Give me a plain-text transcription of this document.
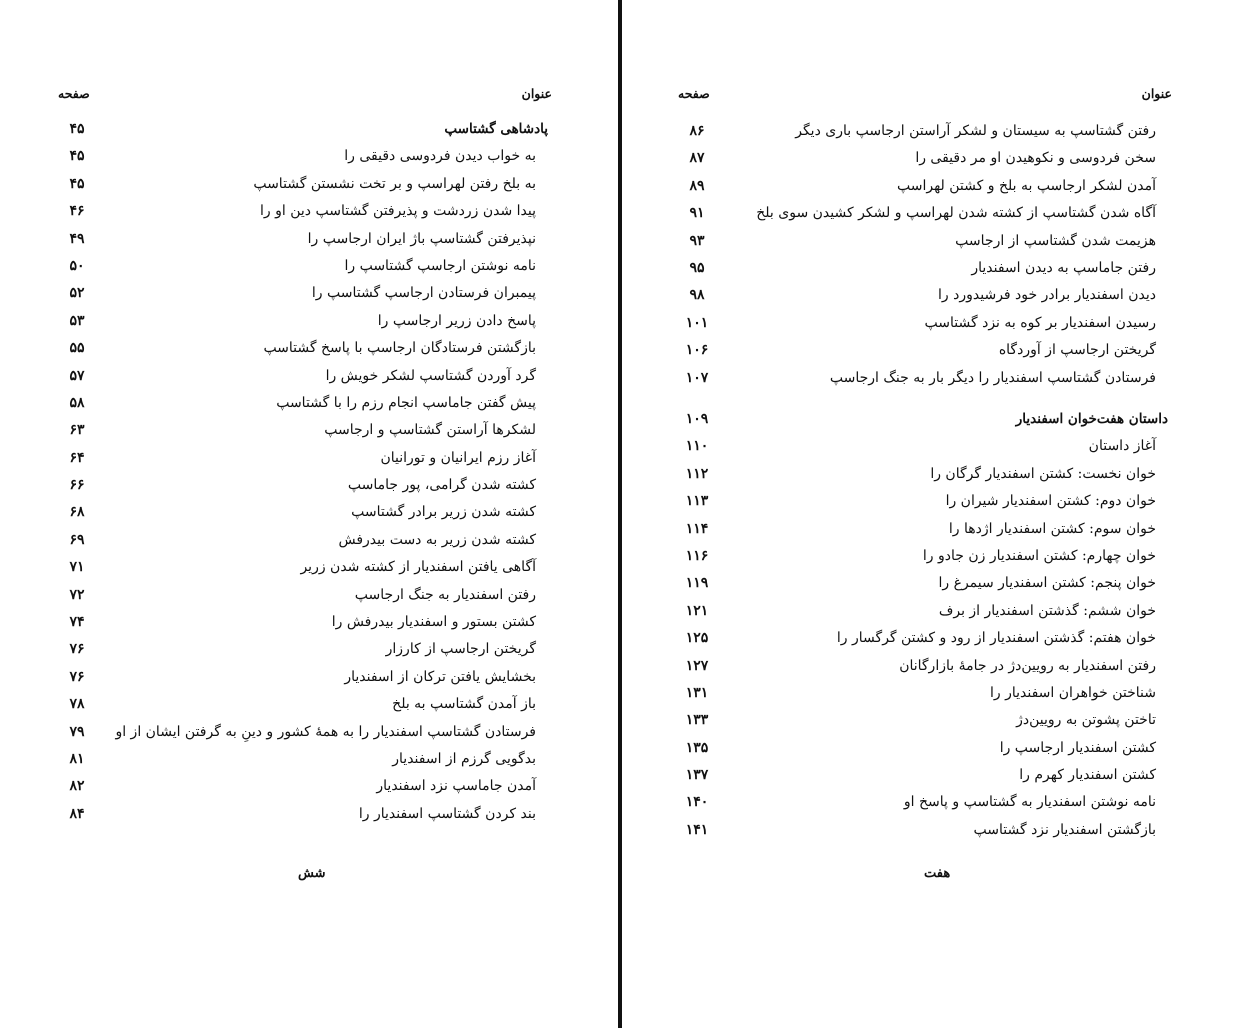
عنوان
صفحه
پادشاهی گشتاسپ
۴۵
به خواب دیدن فردوسی دقیقی را
۴۵
به بلخ رفتن لهراسپ و بر تخت نشستن گشتاسپ
۴۵
پیدا شدن زردشت و پذیرفتن گشتاسپ دین او را
۴۶
نپذیرفتن گشتاسپ باژ ایران ارجاسپ را
۴۹
نامه نوشتن ارجاسپ گشتاسپ را
۵۰
پیمبران فرستادن ارجاسپ گشتاسپ را
۵۲
پاسخ دادن زریر ارجاسپ را
۵۳
بازگشتن فرستادگان ارجاسپ با پاسخ گشتاسپ
۵۵
گرد آوردن گشتاسپ لشکر خویش را
۵۷
پیش گفتن جاماسپ انجام رزم را با گشتاسپ
۵۸
لشکرها آراستن گشتاسپ و ارجاسپ
۶۳
آغاز رزم ایرانیان و تورانیان
۶۴
کشته شدن گرامی، پور جاماسپ
۶۶
کشته شدن زریر برادر گشتاسپ
۶۸
کشته شدن زریر به دست بیدرفش
۶۹
آگاهی یافتن اسفندیار از کشته شدن زریر
۷۱
رفتن اسفندیار به جنگ ارجاسپ
۷۲
کشتن بستور و اسفندیار بیدرفش را
۷۴
گریختن ارجاسپ از کارزار
۷۶
بخشایش یافتن ترکان از اسفندیار
۷۶
باز آمدن گشتاسپ به بلخ
۷۸
فرستادن گشتاسپ اسفندیار را به همهٔ کشور و دینِ به گرفتن ایشان از او
۷۹
بدگویی گرزم از اسفندیار
۸۱
آمدن جاماسپ نزد اسفندیار
۸۲
بند کردن گشتاسپ اسفندیار را
۸۴
شش
عنوان
صفحه
رفتن گشتاسپ به سیستان و لشکر آراستن ارجاسپ باری دیگر
۸۶
سخن فردوسی و نکوهیدن او مر دقیقی را
۸۷
آمدن لشکر ارجاسپ به بلخ و کشتن لهراسپ
۸۹
آگاه شدن گشتاسپ از کشته شدن لهراسپ و لشکر کشیدن سوی بلخ
۹۱
هزیمت شدن گشتاسپ از ارجاسپ
۹۳
رفتن جاماسپ به دیدن اسفندیار
۹۵
دیدن اسفندیار برادر خود فرشیدورد را
۹۸
رسیدن اسفندیار بر کوه به نزد گشتاسپ
۱۰۱
گریختن ارجاسپ از آوردگاه
۱۰۶
فرستادن گشتاسپ اسفندیار را دیگر بار به جنگ ارجاسپ
۱۰۷
داستان هفت‌خوان اسفندیار
۱۰۹
آغاز داستان
۱۱۰
خوان نخست: کشتن اسفندیار گرگان را
۱۱۲
خوان دوم: کشتن اسفندیار شیران را
۱۱۳
خوان سوم: کشتن اسفندیار اژدها را
۱۱۴
خوان چهارم: کشتن اسفندیار زن جادو را
۱۱۶
خوان پنجم: کشتن اسفندیار سیمرغ را
۱۱۹
خوان ششم: گذشتن اسفندیار از برف
۱۲۱
خوان هفتم: گذشتن اسفندیار از رود و کشتن گرگسار را
۱۲۵
رفتن اسفندیار به رویین‌دژ در جامهٔ بازارگانان
۱۲۷
شناختن خواهران اسفندیار را
۱۳۱
تاختن پشوتن به رویین‌دژ
۱۳۳
کشتن اسفندیار ارجاسپ را
۱۳۵
کشتن اسفندیار کهرم را
۱۳۷
نامه نوشتن اسفندیار به گشتاسپ و پاسخ او
۱۴۰
بازگشتن اسفندیار نزد گشتاسپ
۱۴۱
هفت
